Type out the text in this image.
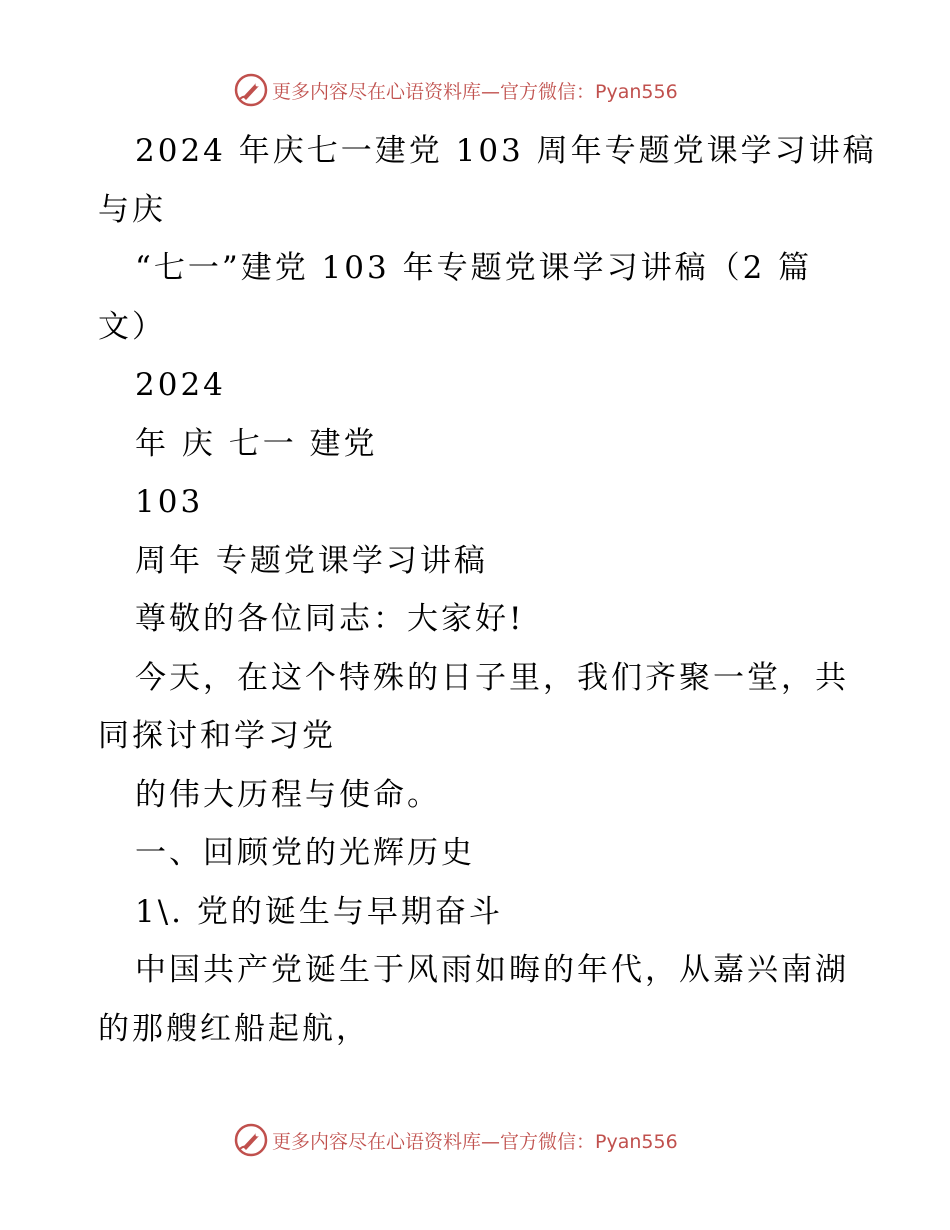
更多内容尽在心语资料库—官方微信：Pyan556
2024 年庆七一建党 103 周年专题党课学习讲稿
与庆
“七一”建党 103 年专题党课学习讲稿（2 篇
文）
2024
年 庆 七一 建党
103
周年 专题党课学习讲稿
尊敬的各位同志：大家好!
今天，在这个特殊的日子里，我们齐聚一堂，共
同探讨和学习党
的伟大历程与使命。
一、回顾党的光辉历史
1\. 党的诞生与早期奋斗
中国共产党诞生于风雨如晦的年代，从嘉兴南湖
的那艘红船起航，
更多内容尽在心语资料库—官方微信：Pyan556
